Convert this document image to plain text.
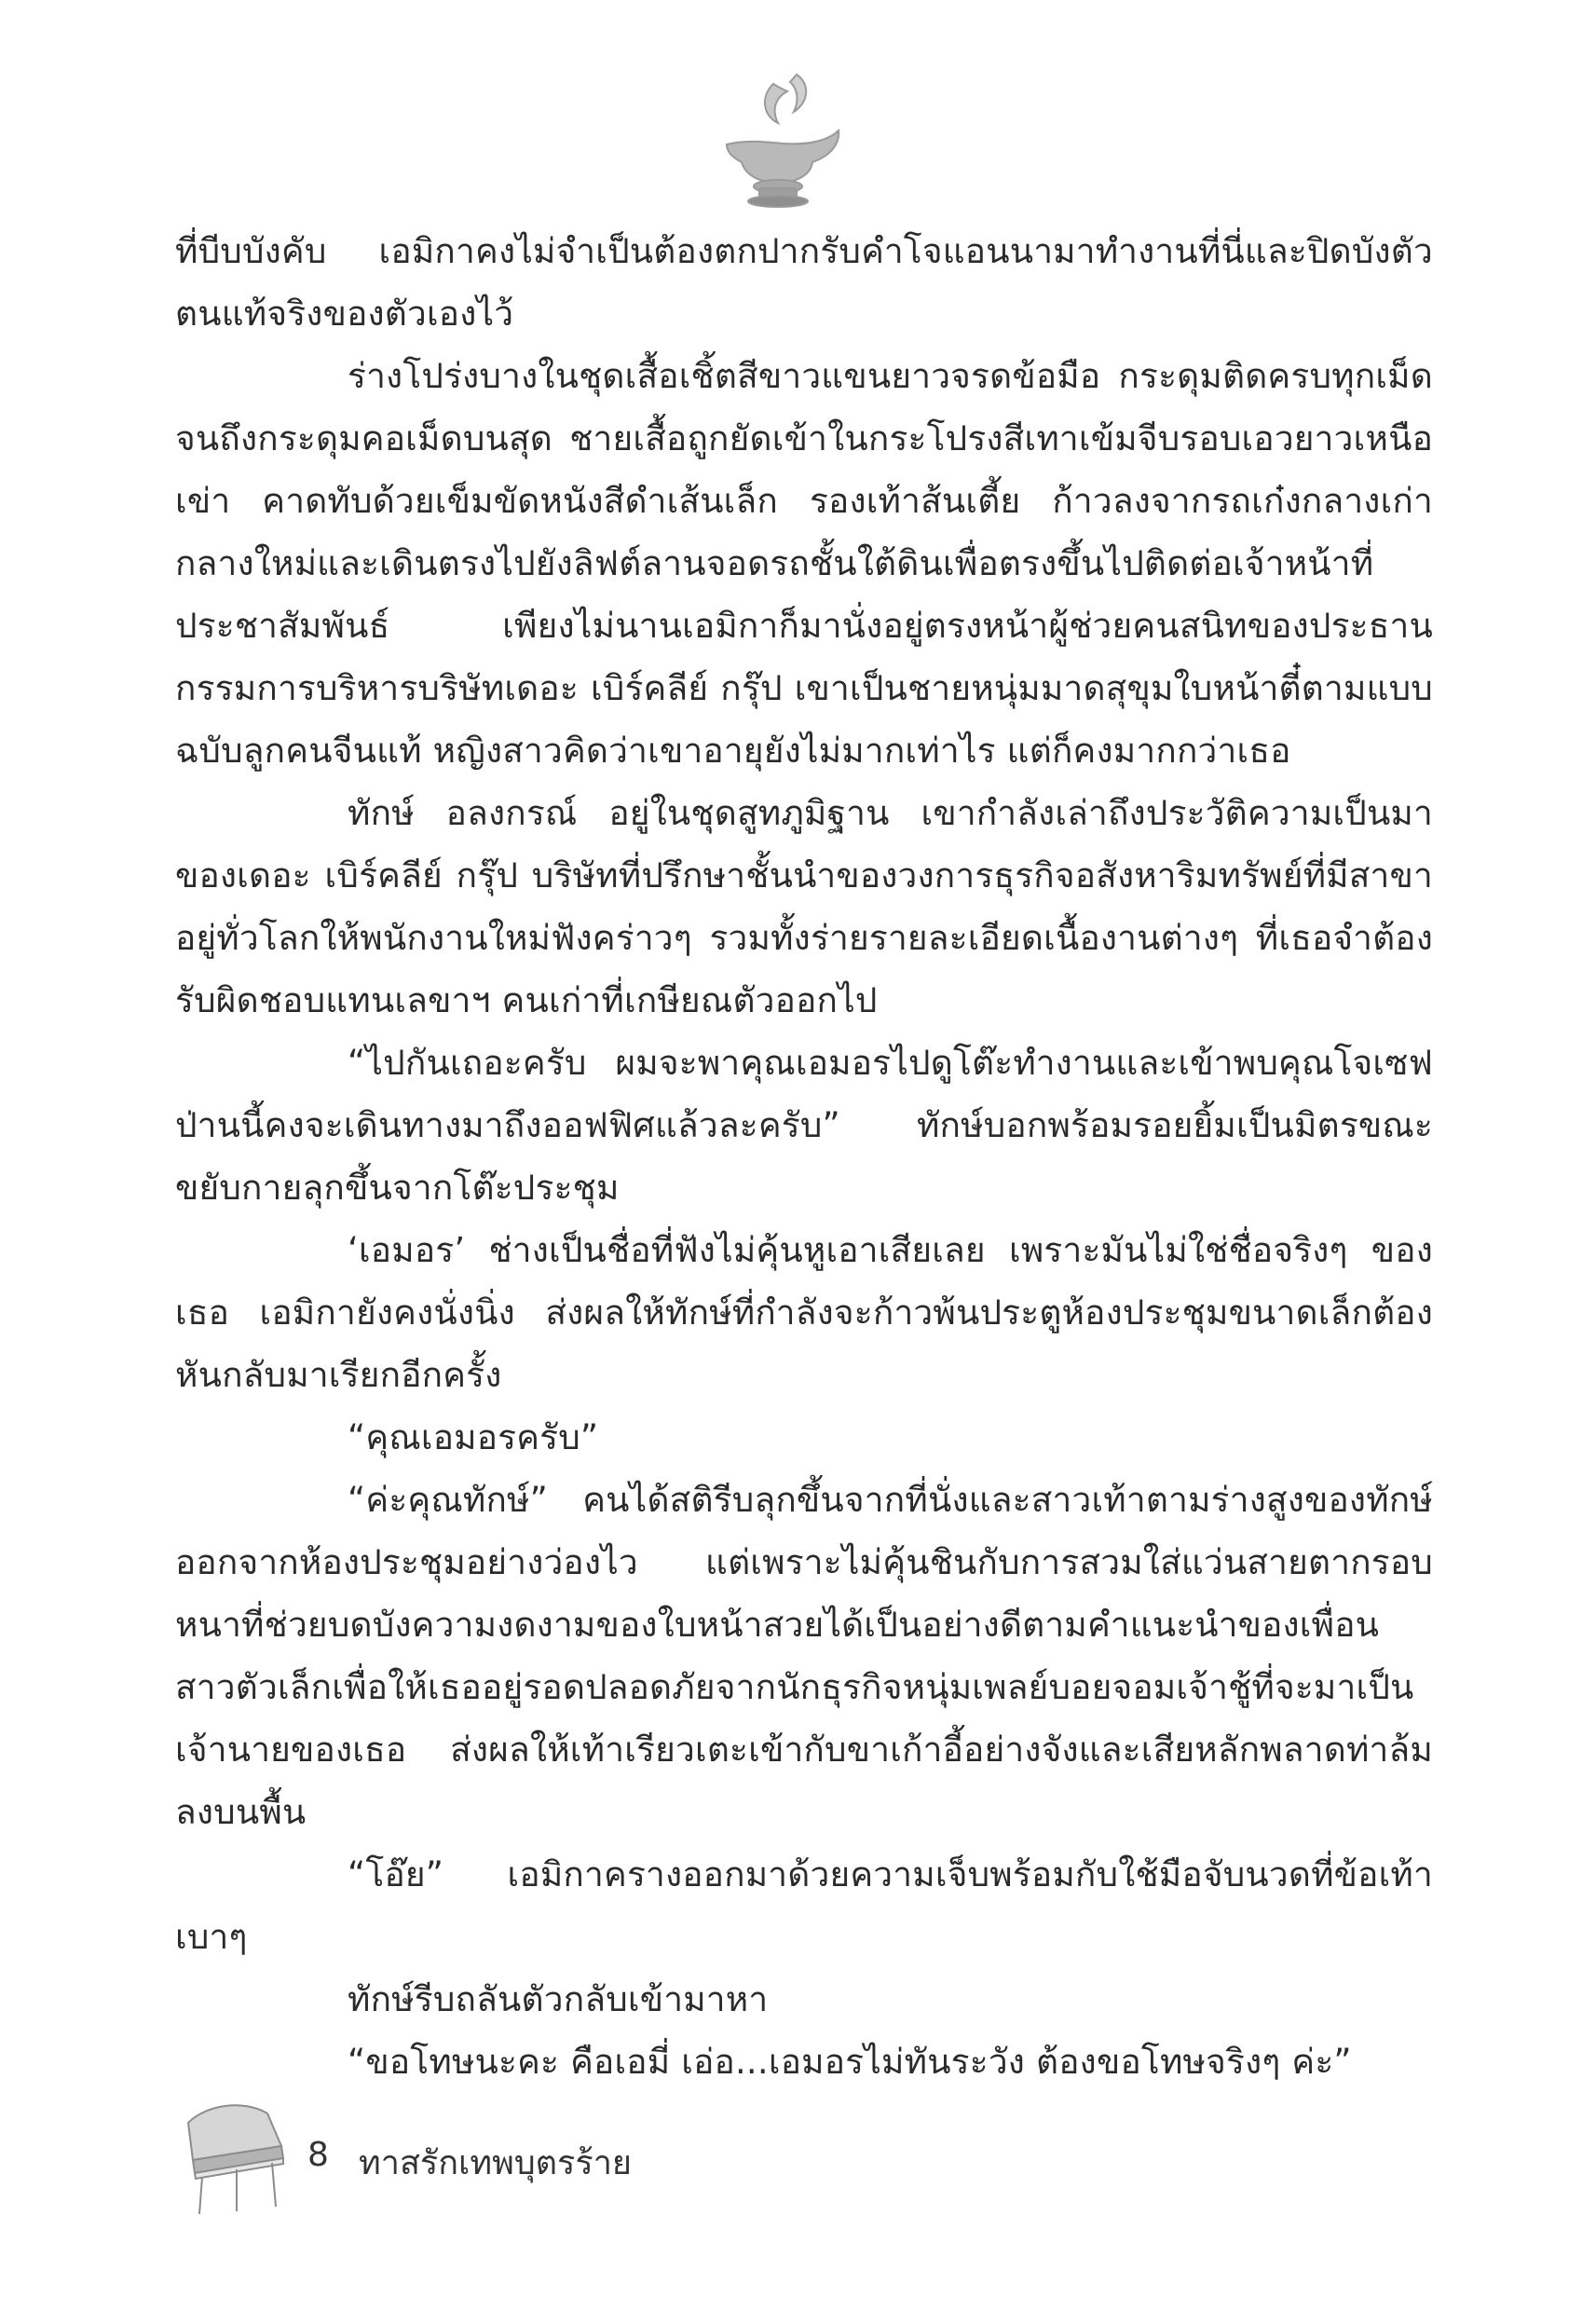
ที่บีบบังคับ เอมิกาคงไม่จำเป็นต้องตกปากรับคำโจแอนนามาทำงานที่นี่และปิดบังตัวตนแท้จริงของตัวเองไว้

ร่างโปร่งบางในชุดเสื้อเชิ้ตสีขาวแขนยาวจรดข้อมือ กระดุมติดครบทุกเม็ดจนถึงกระดุมคอเม็ดบนสุด ชายเสื้อถูกยัดเข้าในกระโปรงสีเทาเข้มจีบรอบเอวยาวเหนือเข่า คาดทับด้วยเข็มขัดหนังสีดำเส้นเล็ก รองเท้าส้นเตี้ย ก้าวลงจากรถเก๋งกลางเก่ากลางใหม่และเดินตรงไปยังลิฟต์ลานจอดรถชั้นใต้ดินเพื่อตรงขึ้นไปติดต่อเจ้าหน้าที่ประชาสัมพันธ์ เพียงไม่นานเอมิกาก็มานั่งอยู่ตรงหน้าผู้ช่วยคนสนิทของประธานกรรมการบริหารบริษัทเดอะ เบิร์คลีย์ กรุ๊ป เขาเป็นชายหนุ่มมาดสุขุมใบหน้าตี๋ตามแบบฉบับลูกคนจีนแท้ หญิงสาวคิดว่าเขาอายุยังไม่มากเท่าไร แต่ก็คงมากกว่าเธอ

ทักษ์ อลงกรณ์ อยู่ในชุดสูทภูมิฐาน เขากำลังเล่าถึงประวัติความเป็นมาของเดอะ เบิร์คลีย์ กรุ๊ป บริษัทที่ปรึกษาชั้นนำของวงการธุรกิจอสังหาริมทรัพย์ที่มีสาขาอยู่ทั่วโลกให้พนักงานใหม่ฟังคร่าวๆ รวมทั้งร่ายรายละเอียดเนื้องานต่างๆ ที่เธอจำต้องรับผิดชอบแทนเลขาฯ คนเก่าที่เกษียณตัวออกไป

“ไปกันเถอะครับ ผมจะพาคุณเอมอรไปดูโต๊ะทำงานและเข้าพบคุณโจเซฟป่านนี้คงจะเดินทางมาถึงออฟฟิศแล้วละครับ” ทักษ์บอกพร้อมรอยยิ้มเป็นมิตรขณะขยับกายลุกขึ้นจากโต๊ะประชุม

‘เอมอร’ ช่างเป็นชื่อที่ฟังไม่คุ้นหูเอาเสียเลย เพราะมันไม่ใช่ชื่อจริงๆ ของเธอ เอมิกายังคงนั่งนิ่ง ส่งผลให้ทักษ์ที่กำลังจะก้าวพ้นประตูห้องประชุมขนาดเล็กต้องหันกลับมาเรียกอีกครั้ง

“คุณเอมอรครับ”

“ค่ะคุณทักษ์” คนได้สติรีบลุกขึ้นจากที่นั่งและสาวเท้าตามร่างสูงของทักษ์ออกจากห้องประชุมอย่างว่องไว แต่เพราะไม่คุ้นชินกับการสวมใส่แว่นสายตากรอบหนาที่ช่วยบดบังความงดงามของใบหน้าสวยได้เป็นอย่างดีตามคำแนะนำของเพื่อนสาวตัวเล็กเพื่อให้เธออยู่รอดปลอดภัยจากนักธุรกิจหนุ่มเพลย์บอยจอมเจ้าชู้ที่จะมาเป็นเจ้านายของเธอ ส่งผลให้เท้าเรียวเตะเข้ากับขาเก้าอี้อย่างจังและเสียหลักพลาดท่าล้มลงบนพื้น

“โอ๊ย” เอมิกาครางออกมาด้วยความเจ็บพร้อมกับใช้มือจับนวดที่ข้อเท้าเบาๆ

ทักษ์รีบถลันตัวกลับเข้ามาหา

“ขอโทษนะคะ คือเอมี่ เอ่อ...เอมอรไม่ทันระวัง ต้องขอโทษจริงๆ ค่ะ”

8 ทาสรักเทพบุตรร้าย
